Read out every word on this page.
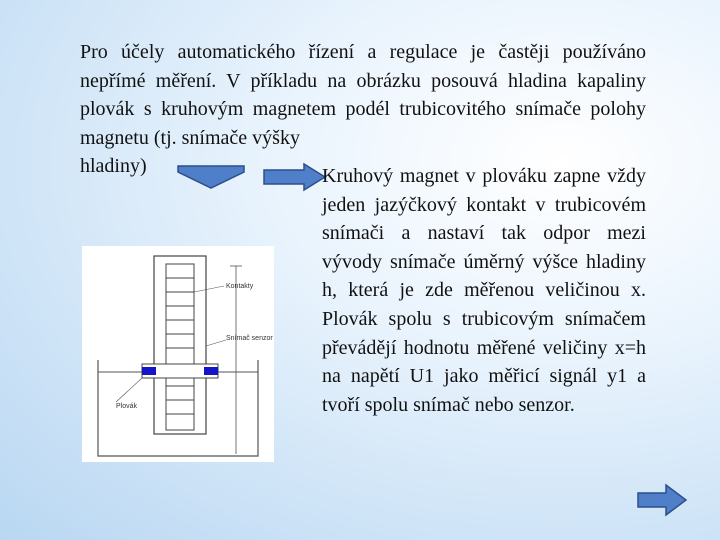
Pro účely automatického řízení a regulace je častěji používáno nepřímé měření. V příkladu na obrázku posouvá hladina kapaliny plovák s kruhovým magnetem podél trubicovitého snímače polohy magnetu (tj. snímače výšky

hladiny)	Kruhový magnet v plováku zapne vždy jeden jazýčkový kontakt v trubicovém snímači a nastaví tak odpor mezi vývody snímače úměrný výšce hladiny h, která je zde měřenou veličinou x. Plovák spolu s trubicovým snímačem převádějí hodnotu měřené veličiny x=h na napětí U1 jako měřicí signál y1 a tvoří spolu snímač nebo senzor.

Kontakty
Snímač senzor
Plovák
